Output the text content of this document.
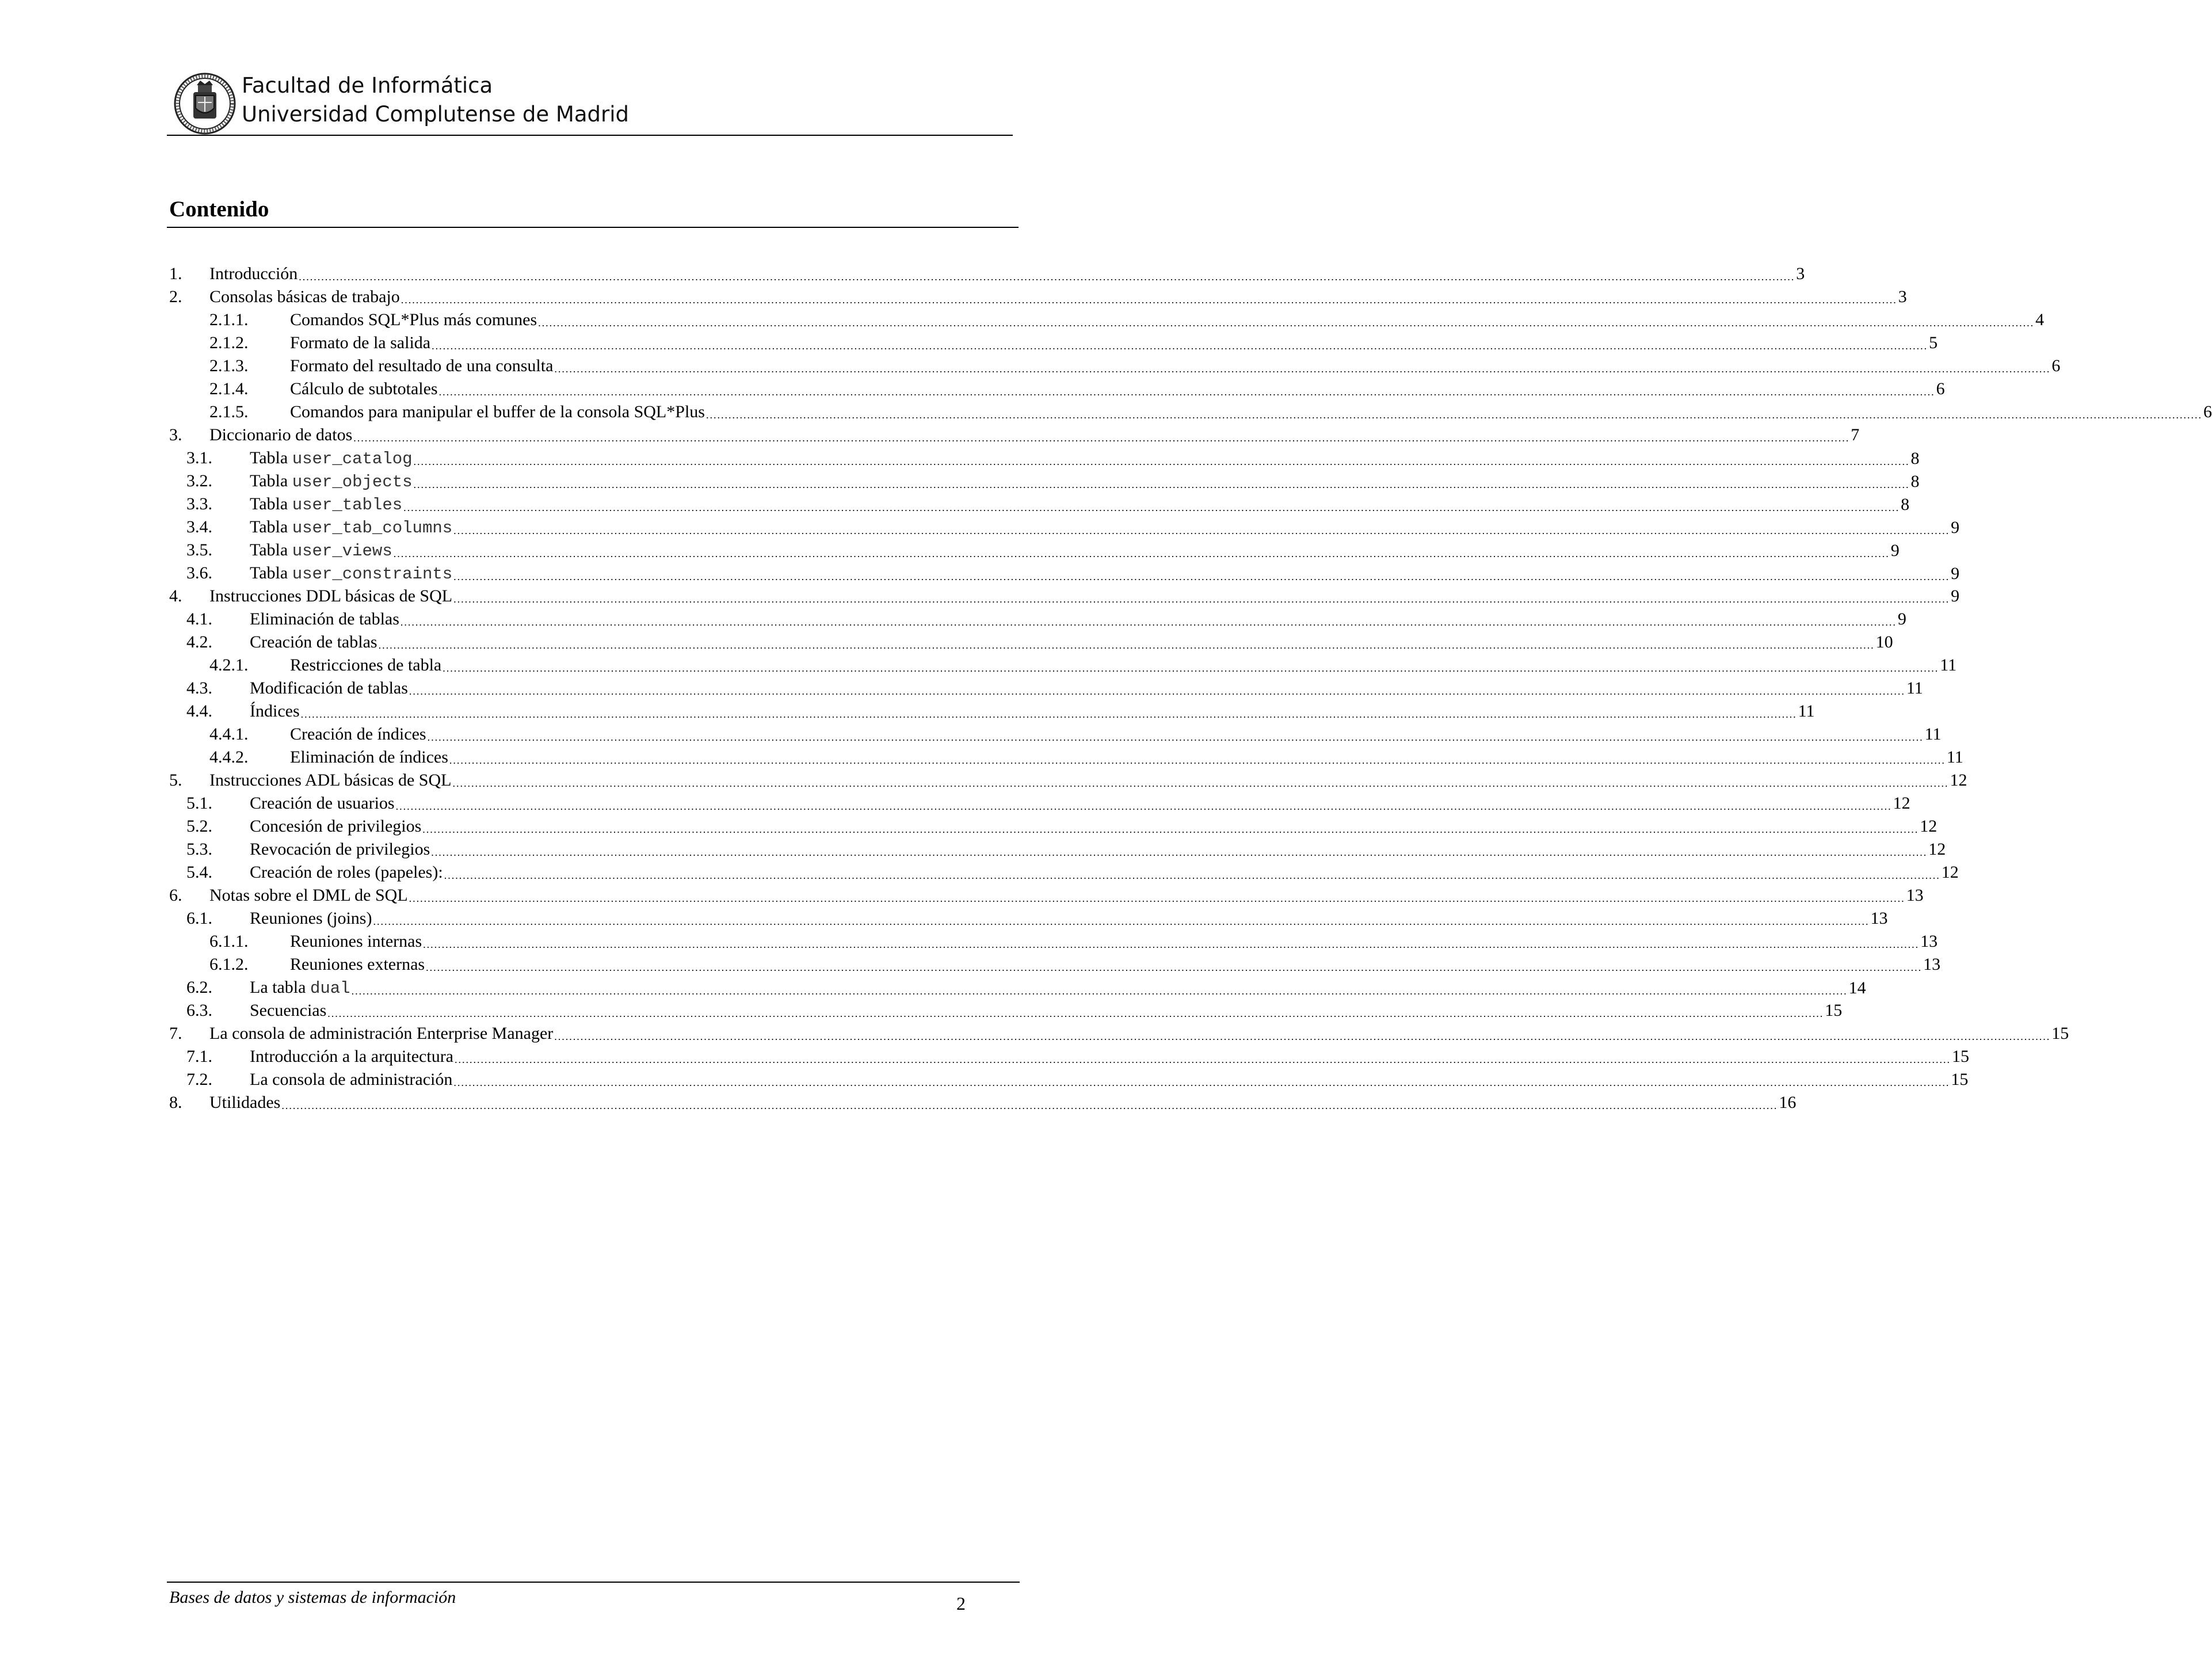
Facultad de Informática
Universidad Complutense de Madrid
Contenido
1. Introducción ................................................................................................................................................................................................................................................................................................................................................................................................................ 3
2. Consolas básicas de trabajo ................................................................................................................................................................................................................................................................................................................................................................................................................ 3
2.1.1. Comandos SQL*Plus más comunes ................................................................................................................................................................................................................................................................................................................................................................................................................ 4
2.1.2. Formato de la salida ................................................................................................................................................................................................................................................................................................................................................................................................................ 5
2.1.3. Formato del resultado de una consulta ................................................................................................................................................................................................................................................................................................................................................................................................................ 6
2.1.4. Cálculo de subtotales ................................................................................................................................................................................................................................................................................................................................................................................................................ 6
2.1.5. Comandos para manipular el buffer de la consola SQL*Plus ................................................................................................................................................................................................................................................................................................................................................................................................................ 6
3. Diccionario de datos ................................................................................................................................................................................................................................................................................................................................................................................................................ 7
3.1. Tabla user_catalog ................................................................................................................................................................................................................................................................................................................................................................................................................ 8
3.2. Tabla user_objects ................................................................................................................................................................................................................................................................................................................................................................................................................ 8
3.3. Tabla user_tables ................................................................................................................................................................................................................................................................................................................................................................................................................ 8
3.4. Tabla user_tab_columns ................................................................................................................................................................................................................................................................................................................................................................................................................ 9
3.5. Tabla user_views ................................................................................................................................................................................................................................................................................................................................................................................................................ 9
3.6. Tabla user_constraints ................................................................................................................................................................................................................................................................................................................................................................................................................ 9
4. Instrucciones DDL básicas de SQL ................................................................................................................................................................................................................................................................................................................................................................................................................ 9
4.1. Eliminación de tablas ................................................................................................................................................................................................................................................................................................................................................................................................................ 9
4.2. Creación de tablas ................................................................................................................................................................................................................................................................................................................................................................................................................ 10
4.2.1. Restricciones de tabla ................................................................................................................................................................................................................................................................................................................................................................................................................ 11
4.3. Modificación de tablas ................................................................................................................................................................................................................................................................................................................................................................................................................ 11
4.4. Índices ................................................................................................................................................................................................................................................................................................................................................................................................................ 11
4.4.1. Creación de índices ................................................................................................................................................................................................................................................................................................................................................................................................................ 11
4.4.2. Eliminación de índices ................................................................................................................................................................................................................................................................................................................................................................................................................ 11
5. Instrucciones ADL básicas de SQL ................................................................................................................................................................................................................................................................................................................................................................................................................ 12
5.1. Creación de usuarios ................................................................................................................................................................................................................................................................................................................................................................................................................ 12
5.2. Concesión de privilegios ................................................................................................................................................................................................................................................................................................................................................................................................................ 12
5.3. Revocación de privilegios ................................................................................................................................................................................................................................................................................................................................................................................................................ 12
5.4. Creación de roles (papeles): ................................................................................................................................................................................................................................................................................................................................................................................................................ 12
6. Notas sobre el DML de SQL ................................................................................................................................................................................................................................................................................................................................................................................................................ 13
6.1. Reuniones (joins) ................................................................................................................................................................................................................................................................................................................................................................................................................ 13
6.1.1. Reuniones internas ................................................................................................................................................................................................................................................................................................................................................................................................................ 13
6.1.2. Reuniones externas ................................................................................................................................................................................................................................................................................................................................................................................................................ 13
6.2. La tabla dual ................................................................................................................................................................................................................................................................................................................................................................................................................ 14
6.3. Secuencias ................................................................................................................................................................................................................................................................................................................................................................................................................ 15
7. La consola de administración Enterprise Manager ................................................................................................................................................................................................................................................................................................................................................................................................................ 15
7.1. Introducción a la arquitectura ................................................................................................................................................................................................................................................................................................................................................................................................................ 15
7.2. La consola de administración ................................................................................................................................................................................................................................................................................................................................................................................................................ 15
8. Utilidades ................................................................................................................................................................................................................................................................................................................................................................................................................ 16
Bases de datos y sistemas de información	2
